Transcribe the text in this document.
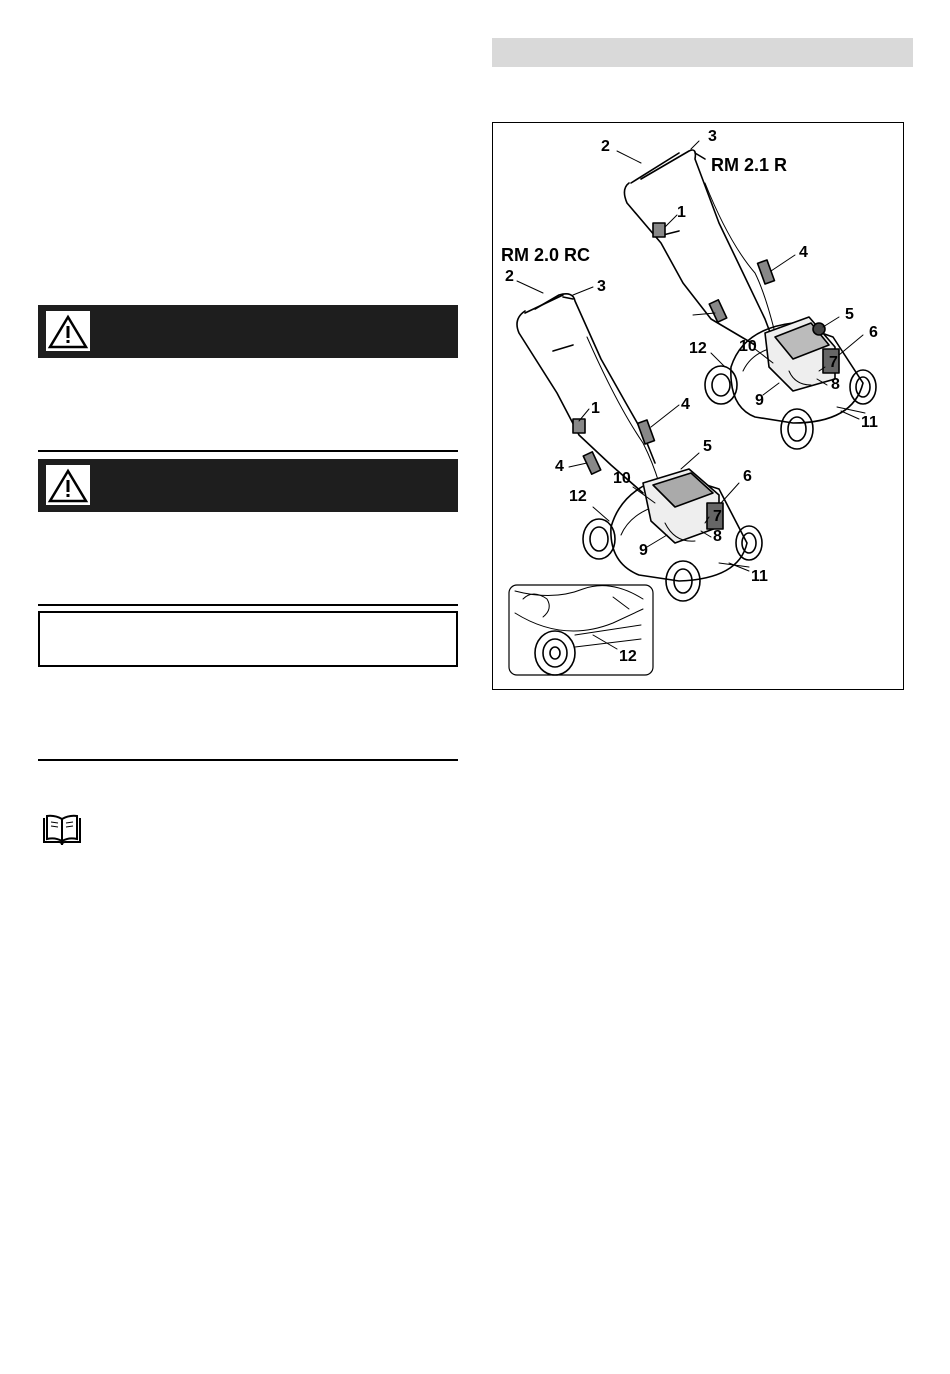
RM 2.1 R
RM 2.0 RC
1
2
3
4
5
6
7
8
9
10
11
12
1
2
3
4
4
5
6
7
8
9
10
11
12
12
